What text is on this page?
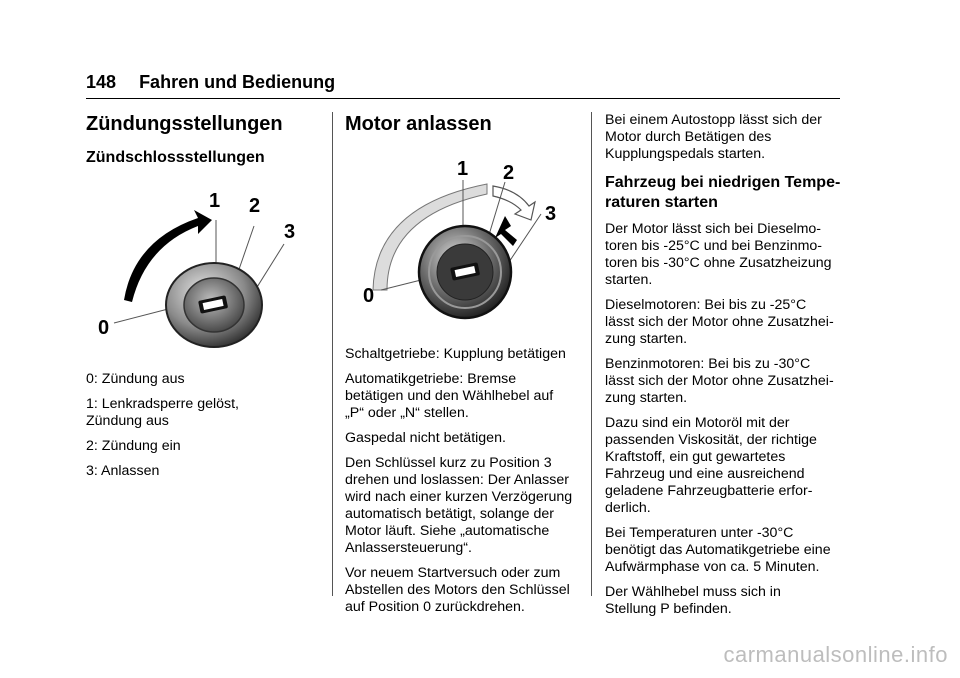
148 Fahren und Bedienung
Zündungsstellungen
Zündschlossstellungen
1 2
3
0

0: Zündung aus

1: Lenkradsperre gelöst,
Zündung aus

2: Zündung ein

3: Anlassen

Motor anlassen
1 2
3
0

Schaltgetriebe: Kupplung betätigen

Automatikgetriebe: Bremse
betätigen und den Wählhebel auf
„P“ oder „N“ stellen.

Gaspedal nicht betätigen.

Den Schlüssel kurz zu Position 3
drehen und loslassen: Der Anlasser
wird nach einer kurzen Verzögerung
automatisch betätigt, solange der
Motor läuft. Siehe „automatische
Anlassersteuerung“.

Vor neuem Startversuch oder zum
Abstellen des Motors den Schlüssel
auf Position 0 zurückdrehen.

Bei einem Autostopp lässt sich der
Motor durch Betätigen des
Kupplungspedals starten.

Fahrzeug bei niedrigen Tempe-
raturen starten

Der Motor lässt sich bei Dieselmo-
toren bis -25°C und bei Benzinmo-
toren bis -30°C ohne Zusatzheizung
starten.

Dieselmotoren: Bei bis zu -25°C
lässt sich der Motor ohne Zusatzhei-
zung starten.

Benzinmotoren: Bei bis zu -30°C
lässt sich der Motor ohne Zusatzhei-
zung starten.

Dazu sind ein Motoröl mit der
passenden Viskosität, der richtige
Kraftstoff, ein gut gewartetes
Fahrzeug und eine ausreichend
geladene Fahrzeugbatterie erfor-
derlich.

Bei Temperaturen unter -30°C
benötigt das Automatikgetriebe eine
Aufwärmphase von ca. 5 Minuten.

Der Wählhebel muss sich in
Stellung P befinden.

carmanualsonline.info
